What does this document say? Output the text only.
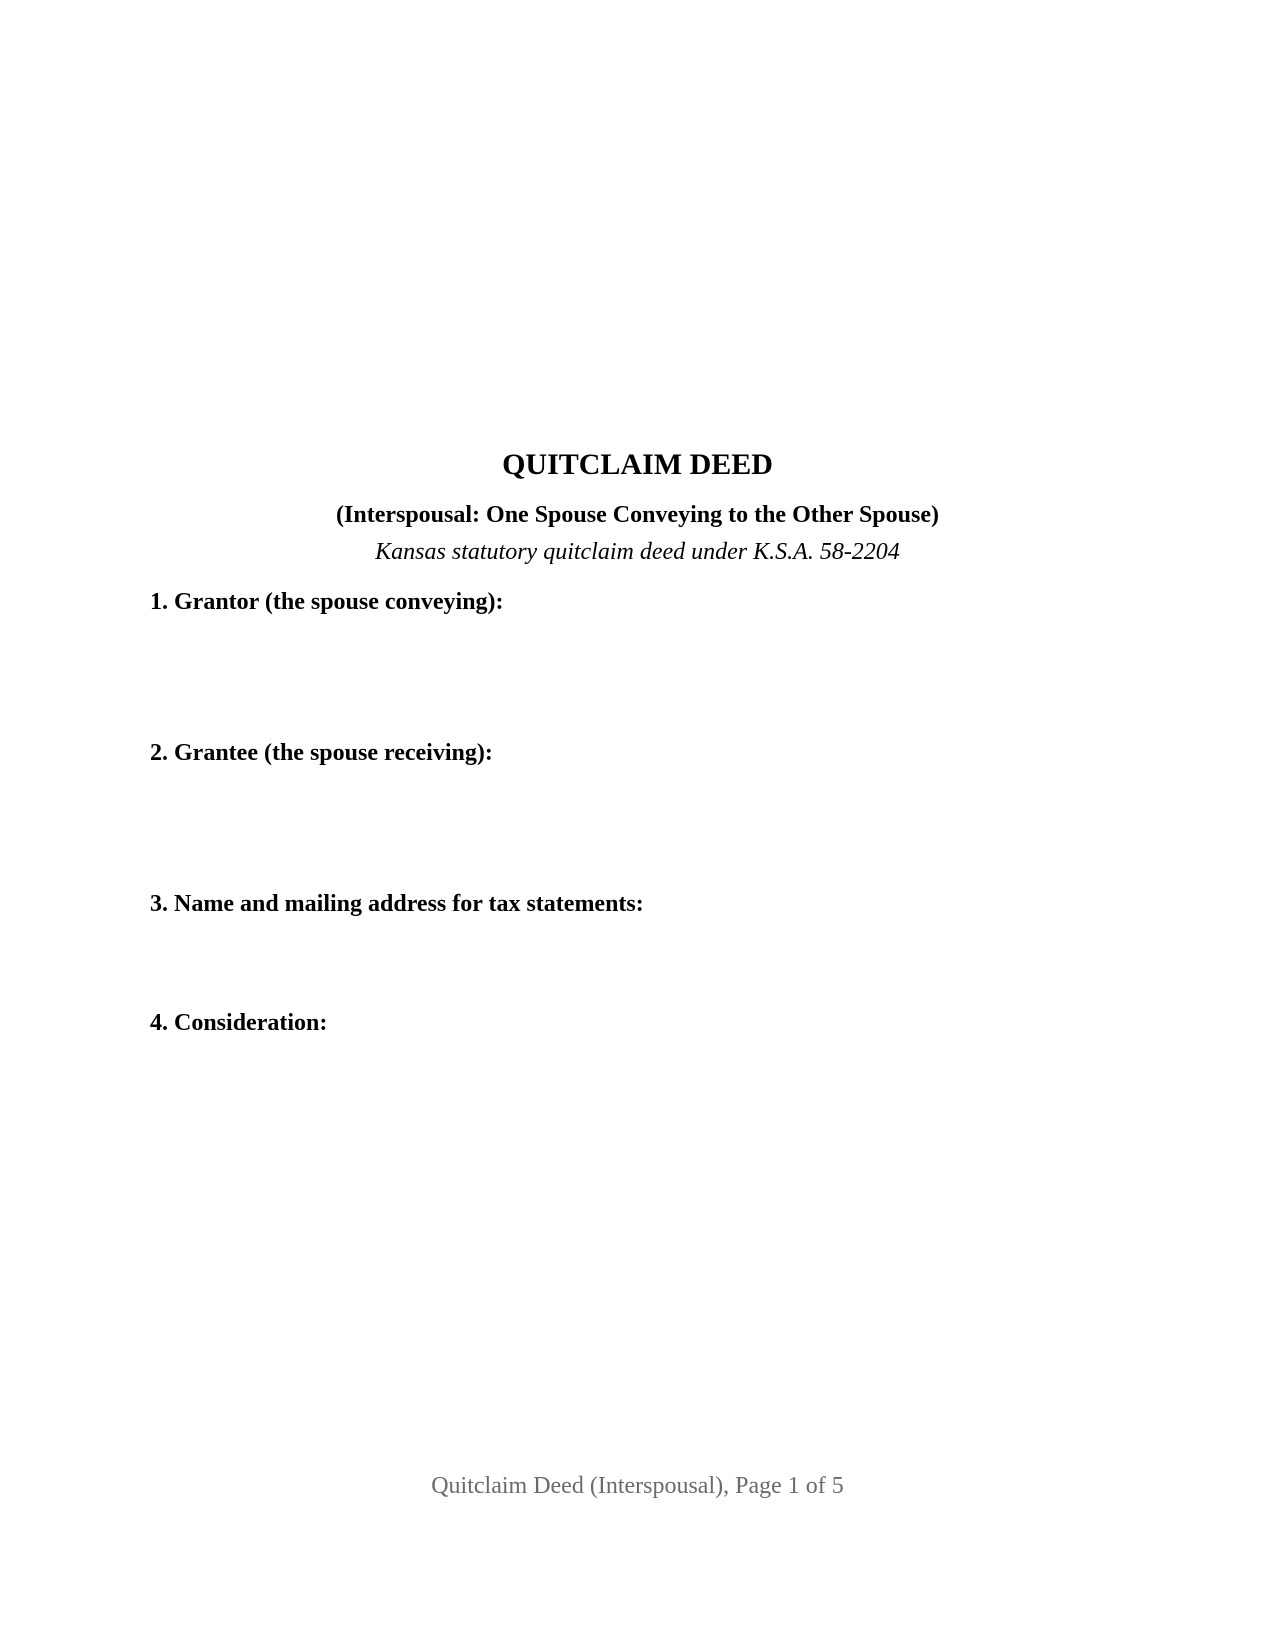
QUITCLAIM DEED
(Interspousal: One Spouse Conveying to the Other Spouse)

Kansas statutory quitclaim deed under K.S.A. 58-2204

1. Grantor (the spouse conveying):
2. Grantee (the spouse receiving):
3. Name and mailing address for tax statements:
4. Consideration:

Quitclaim Deed (Interspousal), Page 1 of 5
